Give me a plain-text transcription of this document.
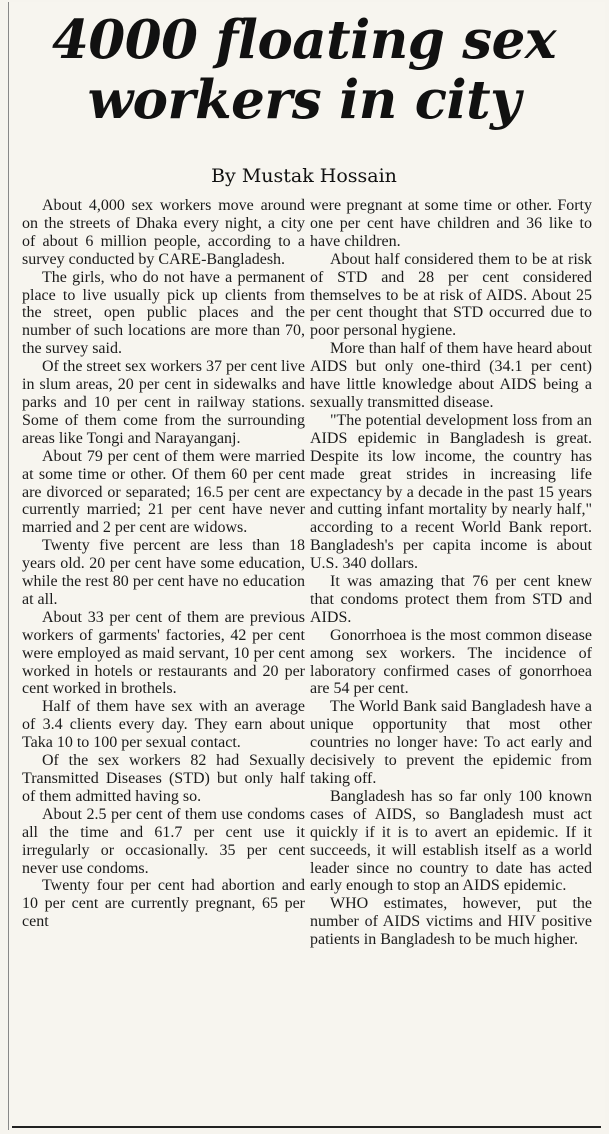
4000 floating sex
workers in city
By Mustak Hossain

About 4,000 sex workers move around on the streets of Dhaka every night, a city of about 6 million people, according to a survey conducted by CARE-Bangladesh.

The girls, who do not have a permanent place to live usually pick up clients from the street, open public places and the number of such locations are more than 70, the survey said.

Of the street sex workers 37 per cent live in slum areas, 20 per cent in sidewalks and parks and 10 per cent in railway stations. Some of them come from the surrounding areas like Tongi and Narayanganj.

About 79 per cent of them were married at some time or other. Of them 60 per cent are divorced or separated; 16.5 per cent are currently married; 21 per cent have never married and 2 per cent are widows.

Twenty five percent are less than 18 years old. 20 per cent have some education, while the rest 80 per cent have no education at all.

About 33 per cent of them are previous workers of garments' factories, 42 per cent were employed as maid servant, 10 per cent worked in hotels or restaurants and 20 per cent worked in brothels.

Half of them have sex with an average of 3.4 clients every day. They earn about Taka 10 to 100 per sexual contact.

Of the sex workers 82 had Sexually Transmitted Diseases (STD) but only half of them admitted having so.

About 2.5 per cent of them use condoms all the time and 61.7 per cent use it irregularly or occasionally. 35 per cent never use condoms.

Twenty four per cent had abortion and 10 per cent are currently pregnant, 65 per cent

were pregnant at some time or other. Forty one per cent have children and 36 like to have children.

About half considered them to be at risk of STD and 28 per cent considered themselves to be at risk of AIDS. About 25 per cent thought that STD occurred due to poor personal hygiene.

More than half of them have heard about AIDS but only one-third (34.1 per cent) have little knowledge about AIDS being a sexually transmitted disease.

"The potential development loss from an AIDS epidemic in Bangladesh is great. Despite its low income, the country has made great strides in increasing life expectancy by a decade in the past 15 years and cutting infant mortality by nearly half," according to a recent World Bank report. Bangladesh's per capita income is about U.S. 340 dollars.

It was amazing that 76 per cent knew that condoms protect them from STD and AIDS.

Gonorrhoea is the most common disease among sex workers. The incidence of laboratory confirmed cases of gonorrhoea are 54 per cent.

The World Bank said Bangladesh have a unique opportunity that most other countries no longer have: To act early and decisively to prevent the epidemic from taking off.

Bangladesh has so far only 100 known cases of AIDS, so Bangladesh must act quickly if it is to avert an epidemic. If it succeeds, it will establish itself as a world leader since no country to date has acted early enough to stop an AIDS epidemic.

WHO estimates, however, put the number of AIDS victims and HIV positive patients in Bangladesh to be much higher.
